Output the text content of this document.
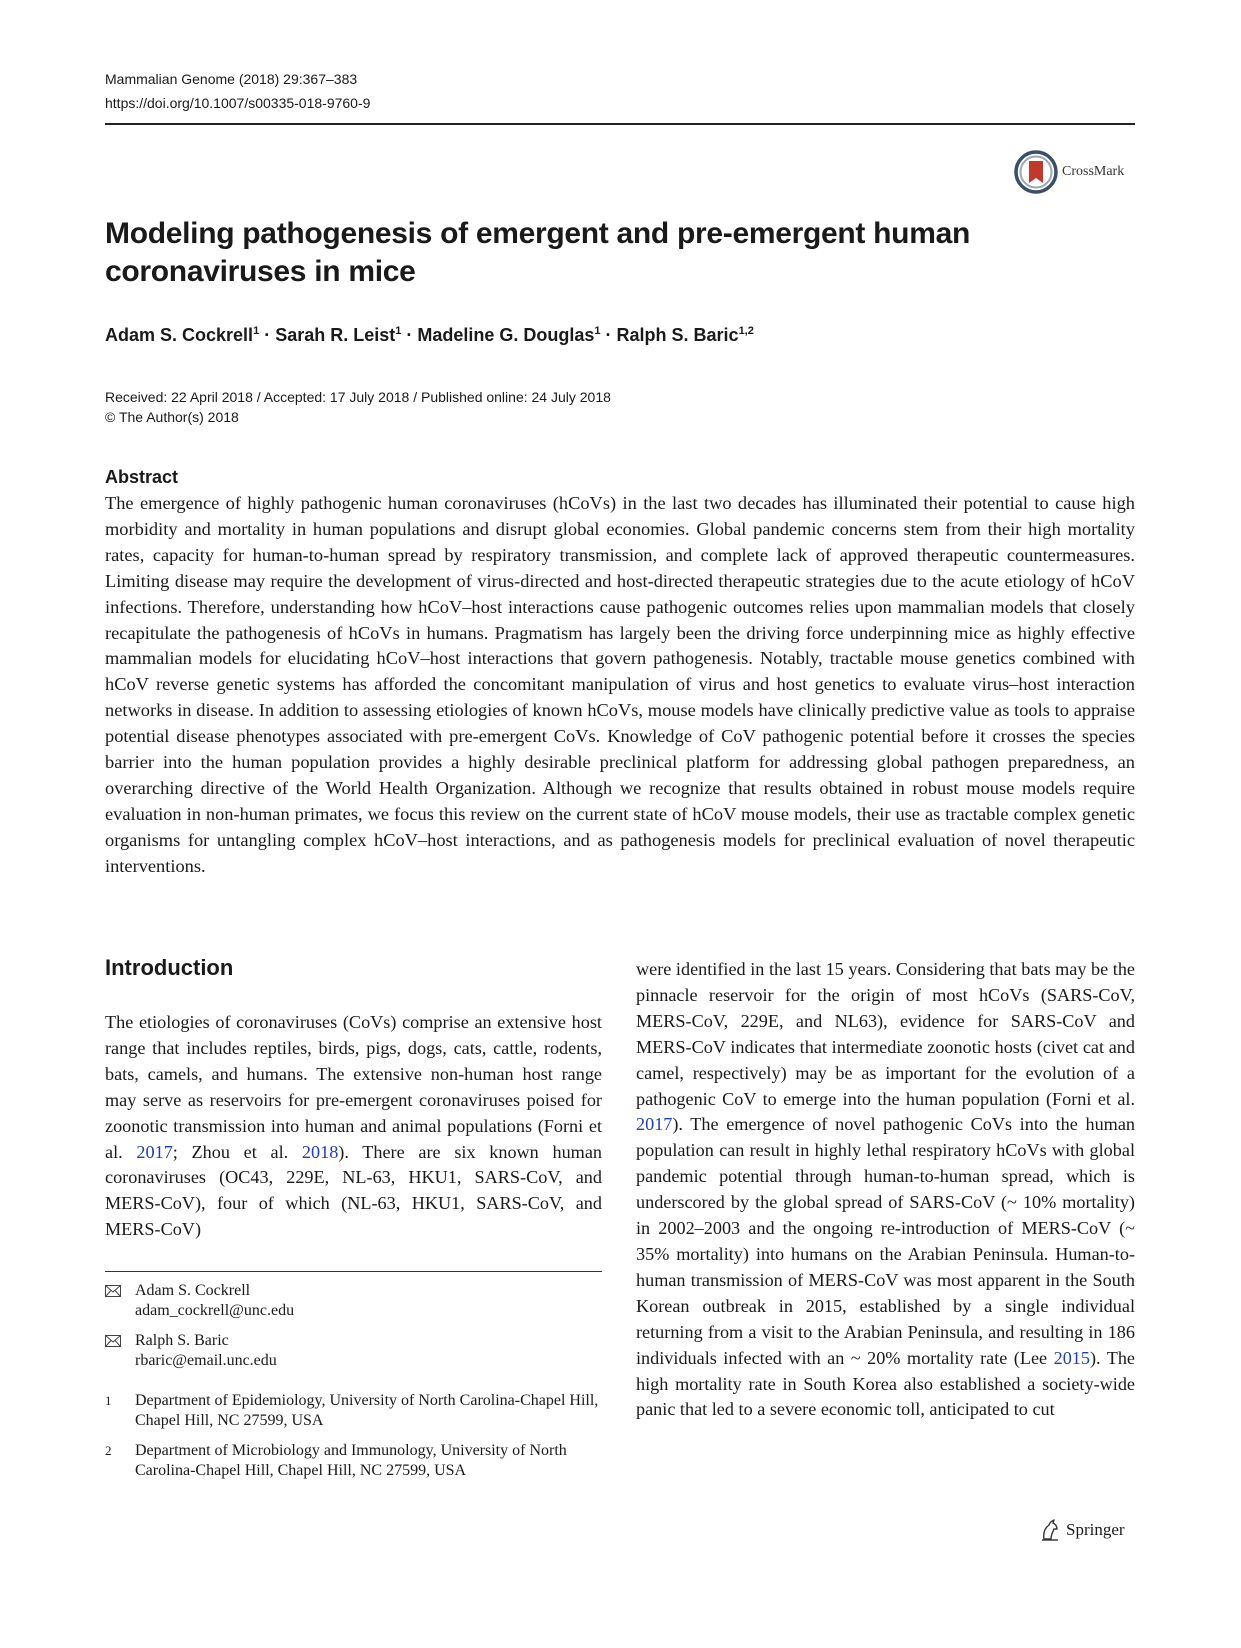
Mammalian Genome (2018) 29:367–383
https://doi.org/10.1007/s00335-018-9760-9
CrossMark
Modeling pathogenesis of emergent and pre-emergent human coronaviruses in mice
Adam S. Cockrell$^1$ · Sarah R. Leist$^1$ · Madeline G. Douglas$^1$ · Ralph S. Baric$^{1,2}$
Received: 22 April 2018 / Accepted: 17 July 2018 / Published online: 24 July 2018
© The Author(s) 2018
Abstract

The emergence of highly pathogenic human coronaviruses (hCoVs) in the last two decades has illuminated their potential to cause high morbidity and mortality in human populations and disrupt global economies. Global pandemic concerns stem from their high mortality rates, capacity for human-to-human spread by respiratory transmission, and complete lack of approved therapeutic countermeasures. Limiting disease may require the development of virus-directed and host-directed therapeutic strategies due to the acute etiology of hCoV infections. Therefore, understanding how hCoV–host interactions cause pathogenic outcomes relies upon mammalian models that closely recapitulate the pathogenesis of hCoVs in humans. Pragmatism has largely been the driving force underpinning mice as highly effective mammalian models for elucidating hCoV–host interactions that govern pathogenesis. Notably, tractable mouse genetics combined with hCoV reverse genetic systems has afforded the concomitant manipulation of virus and host genetics to evaluate virus–host interaction networks in disease. In addition to assessing etiologies of known hCoVs, mouse models have clinically predictive value as tools to appraise potential disease phenotypes associated with pre-emergent CoVs. Knowledge of CoV pathogenic potential before it crosses the species barrier into the human population provides a highly desirable preclinical platform for addressing global pathogen preparedness, an overarching directive of the World Health Organization. Although we recognize that results obtained in robust mouse models require evaluation in non-human primates, we focus this review on the current state of hCoV mouse models, their use as tractable complex genetic organisms for untangling complex hCoV–host interactions, and as pathogenesis models for preclinical evaluation of novel therapeutic interventions.

Introduction

The etiologies of coronaviruses (CoVs) comprise an extensive host range that includes reptiles, birds, pigs, dogs, cats, cattle, rodents, bats, camels, and humans. The extensive non-human host range may serve as reservoirs for pre-emergent coronaviruses poised for zoonotic transmission into human and animal populations (Forni et al. 2017; Zhou et al. 2018). There are six known human coronaviruses (OC43, 229E, NL-63, HKU1, SARS-CoV, and MERS-CoV), four of which (NL-63, HKU1, SARS-CoV, and MERS-CoV)

were identified in the last 15 years. Considering that bats may be the pinnacle reservoir for the origin of most hCoVs (SARS-CoV, MERS-CoV, 229E, and NL63), evidence for SARS-CoV and MERS-CoV indicates that intermediate zoonotic hosts (civet cat and camel, respectively) may be as important for the evolution of a pathogenic CoV to emerge into the human population (Forni et al. 2017). The emergence of novel pathogenic CoVs into the human population can result in highly lethal respiratory hCoVs with global pandemic potential through human-to-human spread, which is underscored by the global spread of SARS-CoV (~ 10% mortality) in 2002–2003 and the ongoing re-introduction of MERS-CoV (~ 35% mortality) into humans on the Arabian Peninsula. Human-to-human transmission of MERS-CoV was most apparent in the South Korean outbreak in 2015, established by a single individual returning from a visit to the Arabian Peninsula, and resulting in 186 individuals infected with an ~ 20% mortality rate (Lee 2015). The high mortality rate in South Korea also established a society-wide panic that led to a severe economic toll, anticipated to cut

Adam S. Cockrell
adam_cockrell@unc.edu
Ralph S. Baric
rbaric@email.unc.edu
1	Department of Epidemiology, University of North Carolina-Chapel Hill, Chapel Hill, NC 27599, USA
2	Department of Microbiology and Immunology, University of North Carolina-Chapel Hill, Chapel Hill, NC 27599, USA
Springer
